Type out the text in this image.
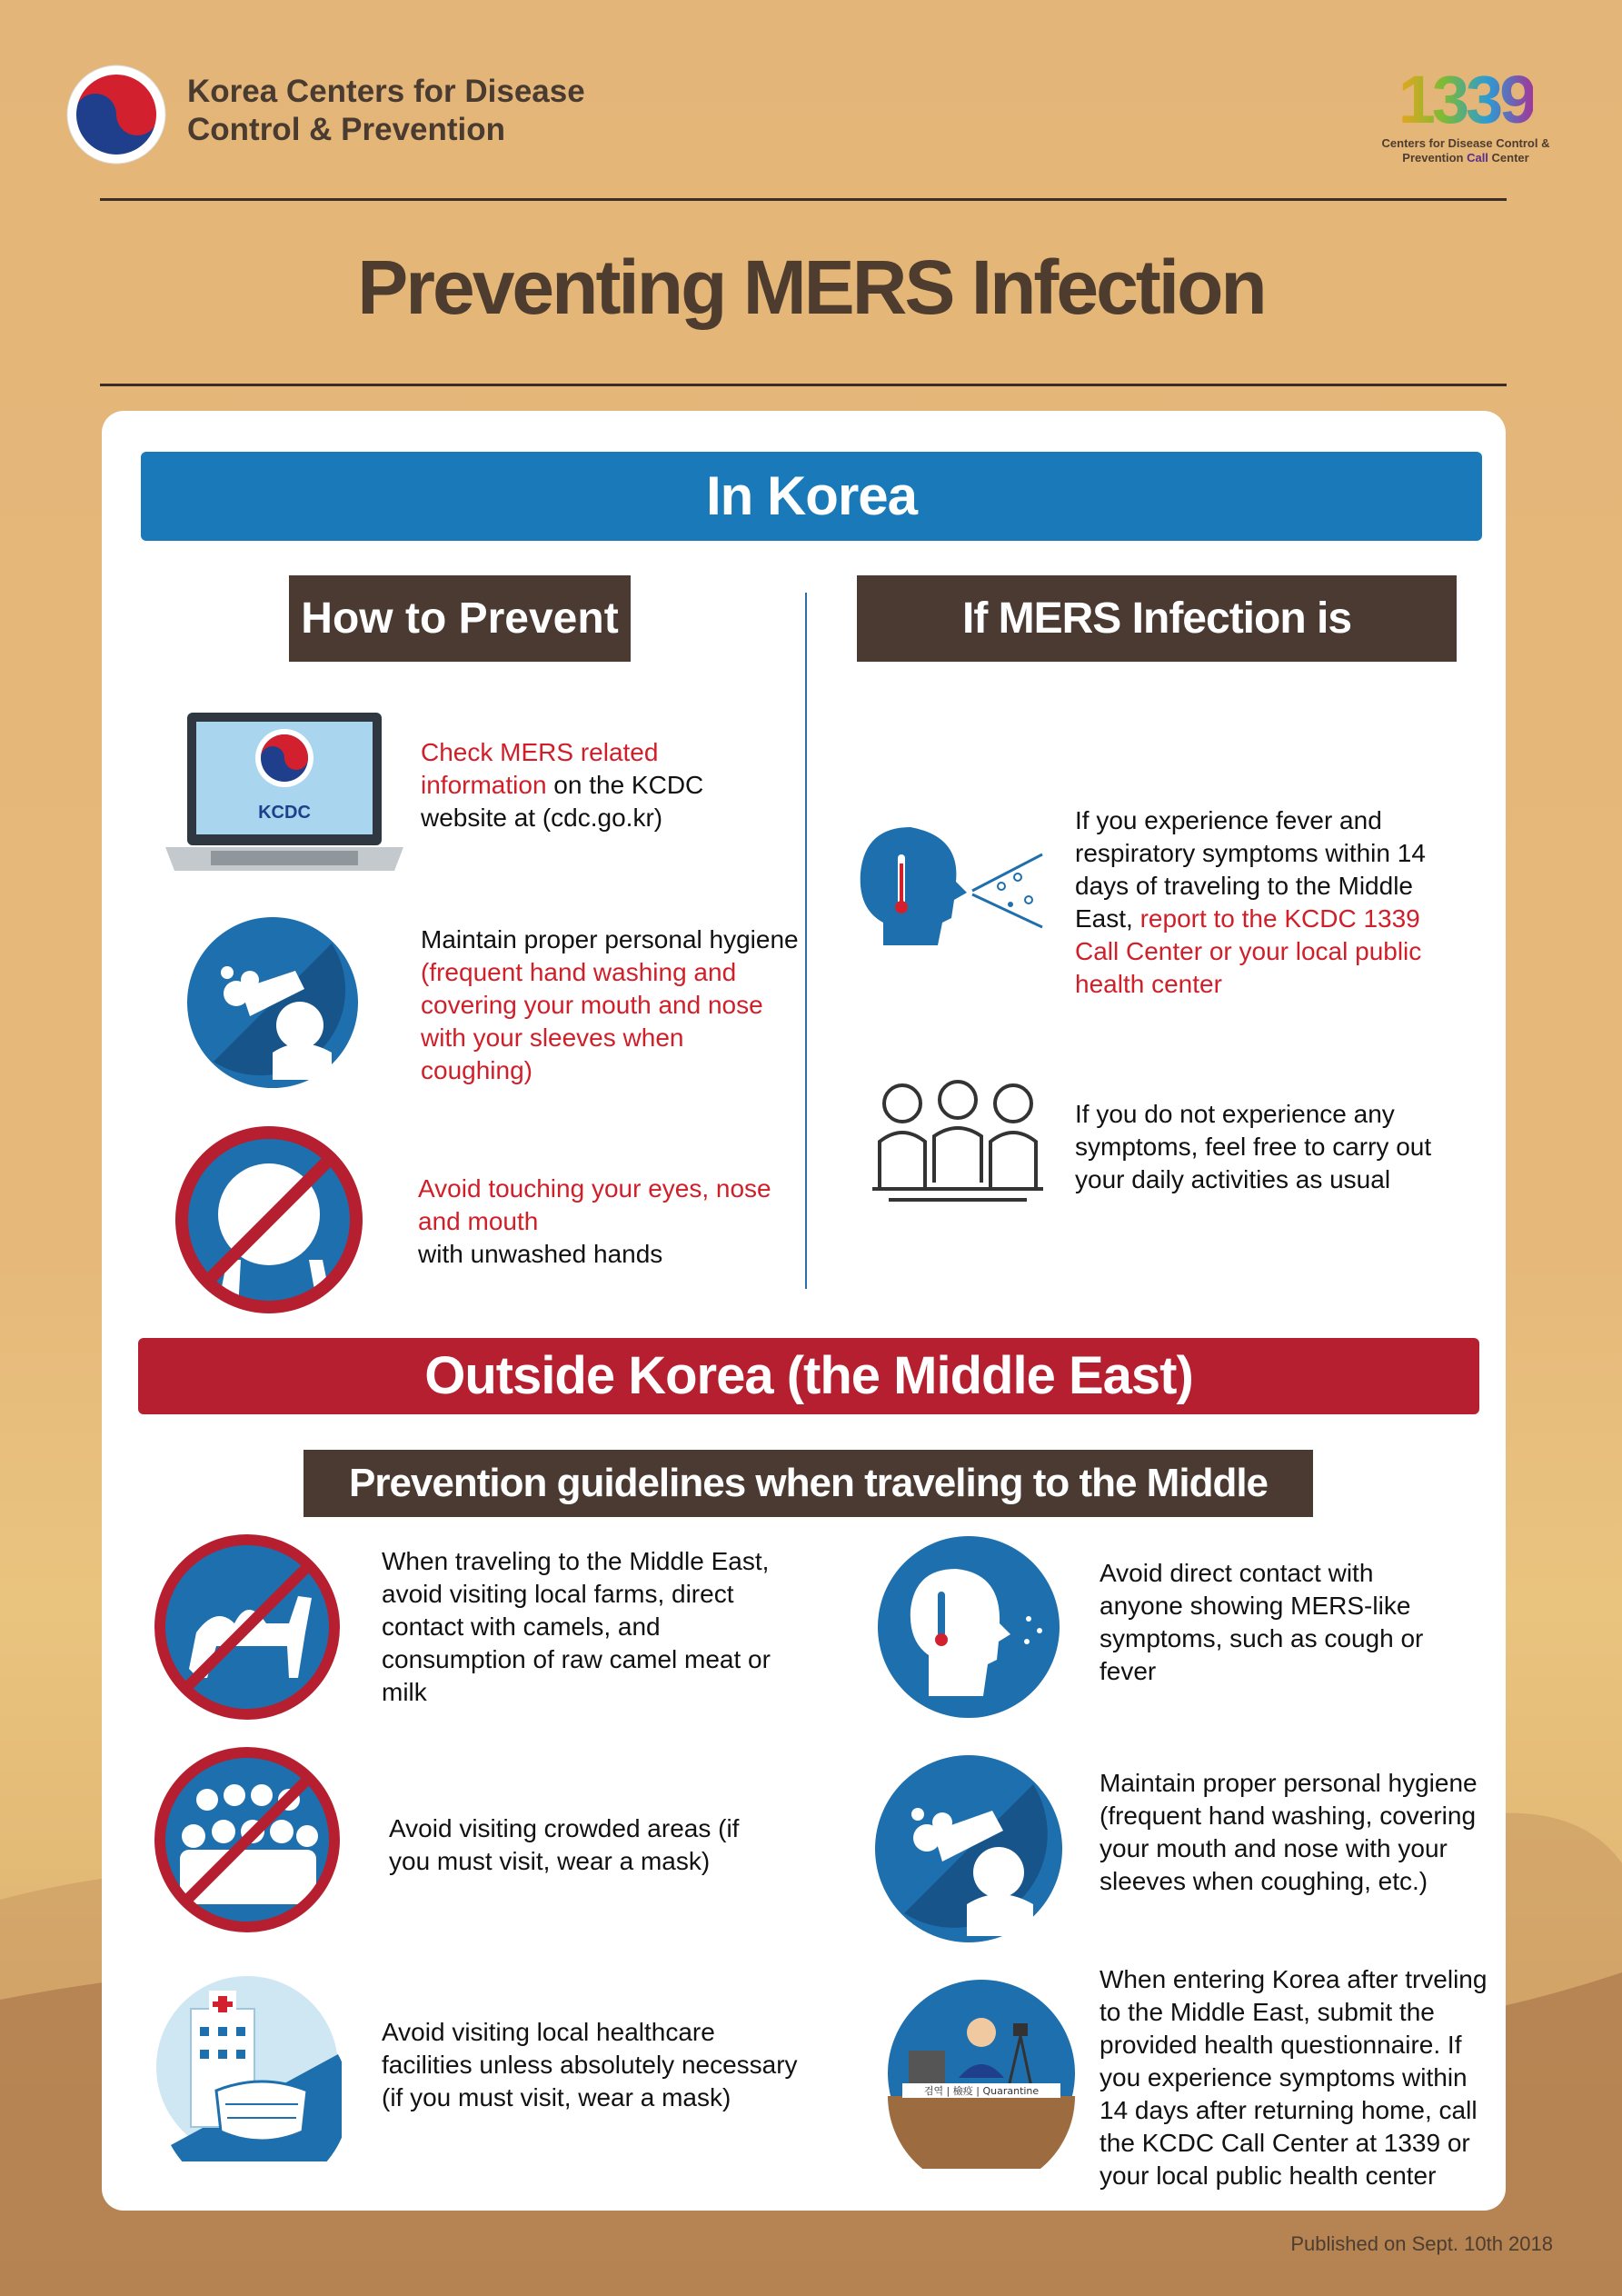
Korea Centers for Disease
Control & Prevention	1339
Centers for Disease Control &
Prevention Call Center
Preventing MERS Infection
In Korea
How to Prevent	If MERS Infection is Suspected
KCDC
Check MERS related information on the KCDC website at (cdc.go.kr)
Maintain proper personal hygiene (frequent hand washing and covering your mouth and nose with your sleeves when coughing)
Avoid touching your eyes, nose and mouth
with unwashed hands
If you experience fever and respiratory symptoms within 14 days of traveling to the Middle East, report to the KCDC 1339 Call Center or your local public health center
If you do not experience any symptoms, feel free to carry out your daily activities as usual
Outside Korea (the Middle East)
Prevention guidelines when traveling to the Middle East
When traveling to the Middle East, avoid visiting local farms, direct contact with camels, and consumption of raw camel meat or milk
Avoid visiting crowded areas (if you must visit, wear a mask)
Avoid visiting local healthcare facilities unless absolutely necessary (if you must visit, wear a mask)
Avoid direct contact with anyone showing MERS-like symptoms, such as cough or fever
Maintain proper personal hygiene (frequent hand washing, covering your mouth and nose with your sleeves when coughing, etc.)
검역 | 檢疫 | Quarantine
When entering Korea after trveling to the Middle East, submit the provided health questionnaire. If you experience symptoms within 14 days after returning home, call the KCDC Call Center at 1339 or your local public health center
Published on Sept. 10th 2018
